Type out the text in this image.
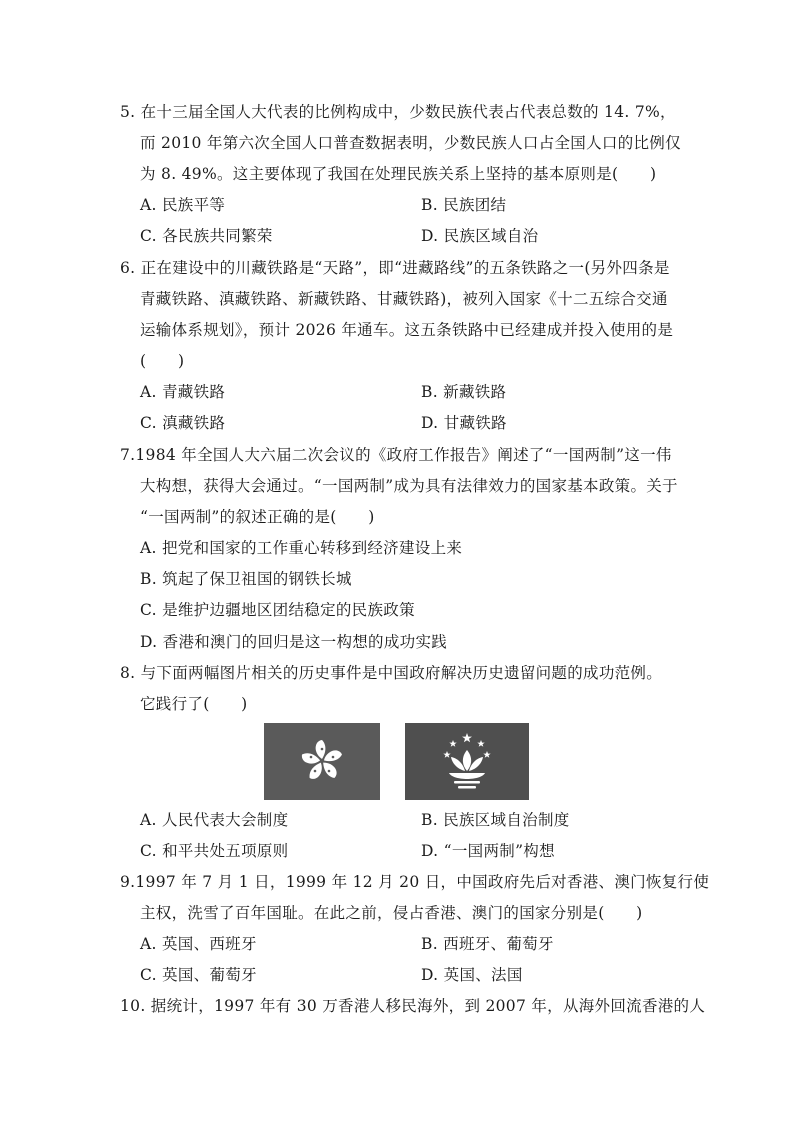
5. 在十三届全国人大代表的比例构成中，少数民族代表占代表总数的 14. 7%，
而 2010 年第六次全国人口普查数据表明，少数民族人口占全国人口的比例仅
为 8. 49%。这主要体现了我国在处理民族关系上坚持的基本原则是(　　)
A. 民族平等	B. 民族团结
C. 各民族共同繁荣	D. 民族区域自治
6. 正在建设中的川藏铁路是“天路”，即“进藏路线”的五条铁路之一(另外四条是
青藏铁路、滇藏铁路、新藏铁路、甘藏铁路)，被列入国家《十二五综合交通
运输体系规划》，预计 2026 年通车。这五条铁路中已经建成并投入使用的是
(　　)
A. 青藏铁路	B. 新藏铁路
C. 滇藏铁路	D. 甘藏铁路
7.1984 年全国人大六届二次会议的《政府工作报告》阐述了“一国两制”这一伟
大构想，获得大会通过。“一国两制”成为具有法律效力的国家基本政策。关于
“一国两制”的叙述正确的是(　　)
A. 把党和国家的工作重心转移到经济建设上来
B. 筑起了保卫祖国的钢铁长城
C. 是维护边疆地区团结稳定的民族政策
D. 香港和澳门的回归是这一构想的成功实践
8. 与下面两幅图片相关的历史事件是中国政府解决历史遗留问题的成功范例。
它践行了(　　)
A. 人民代表大会制度	B. 民族区域自治制度
C. 和平共处五项原则	D. “一国两制”构想
9.1997 年 7 月 1 日，1999 年 12 月 20 日，中国政府先后对香港、澳门恢复行使
主权，洗雪了百年国耻。在此之前，侵占香港、澳门的国家分别是(　　)
A. 英国、西班牙	B. 西班牙、葡萄牙
C. 英国、葡萄牙	D. 英国、法国
10. 据统计，1997 年有 30 万香港人移民海外，到 2007 年，从海外回流香港的人
